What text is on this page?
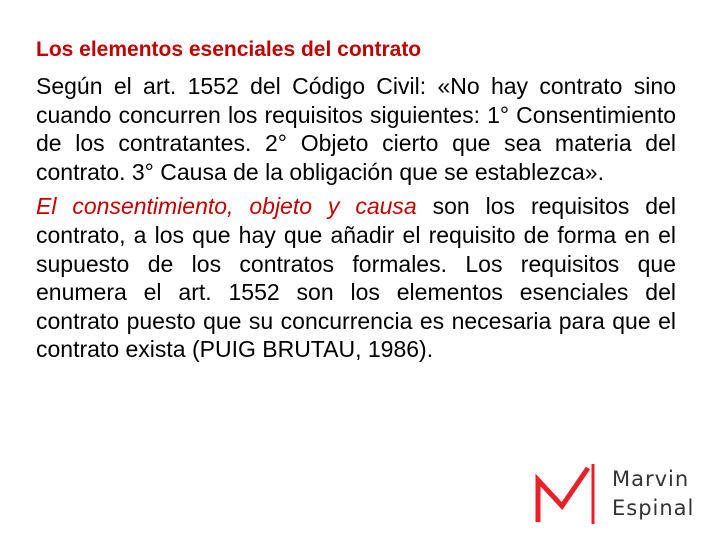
Los elementos esenciales del contrato

Según el art. 1552 del Código Civil: «No hay contrato sino cuando concurren los requisitos siguientes: 1° Consentimiento de los contratantes. 2° Objeto cierto que sea materia del contrato. 3° Causa de la obligación que se establezca».

El consentimiento, objeto y causa son los requisitos del contrato, a los que hay que añadir el requisito de forma en el supuesto de los contratos formales. Los requisitos que enumera el art. 1552 son los elementos esenciales del contrato puesto que su concurrencia es necesaria para que el contrato exista (PUIG BRUTAU, 1986).

Marvin
Espinal
